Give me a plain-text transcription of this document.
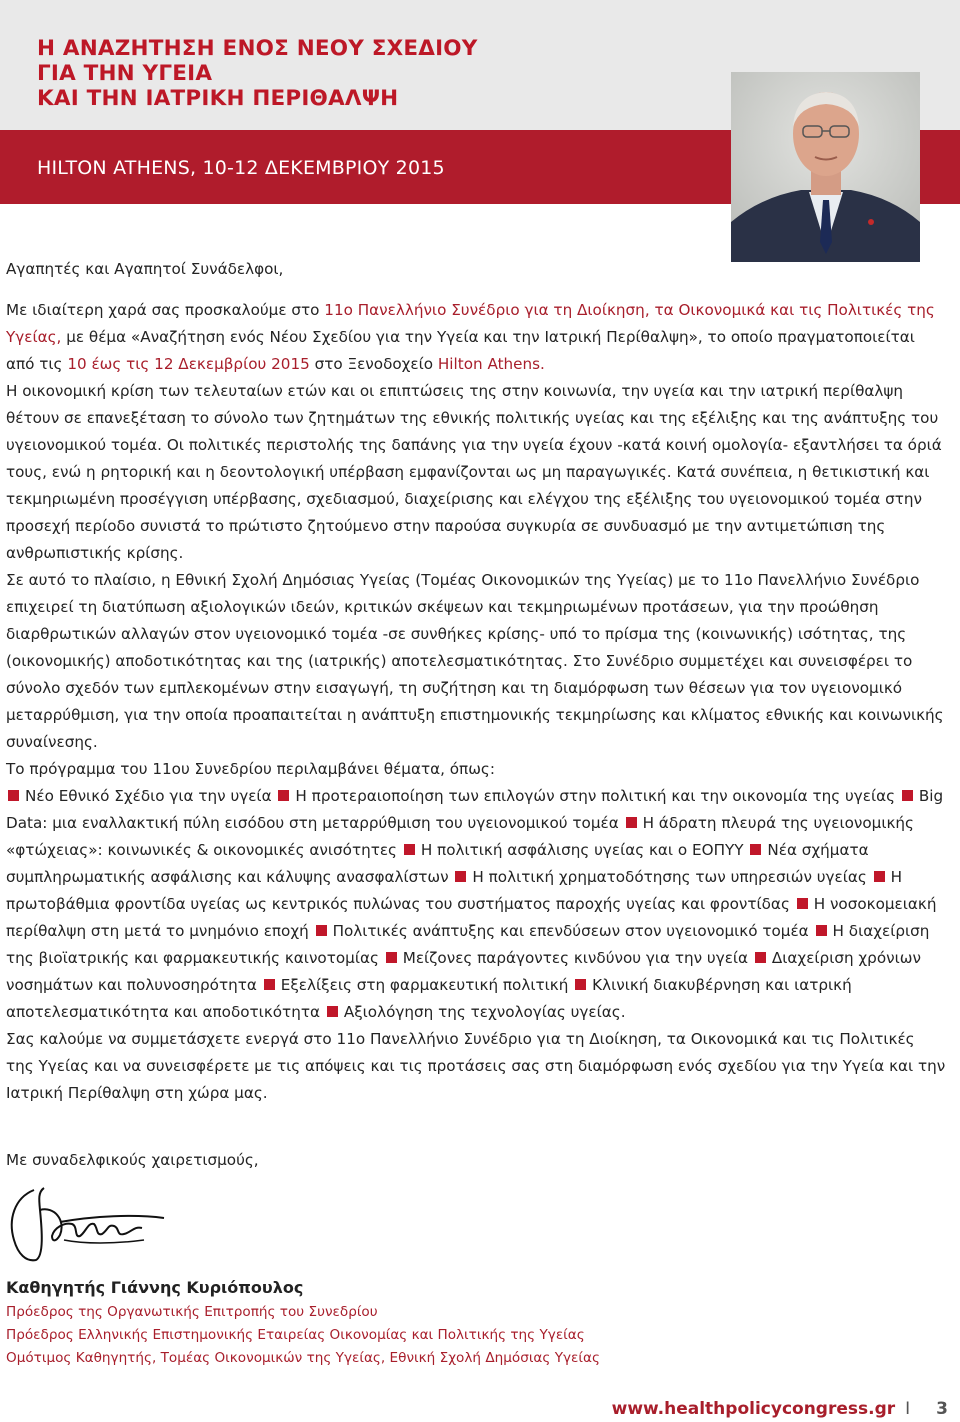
Η ΑΝΑΖΗΤΗΣΗ ΕΝΟΣ ΝΕΟΥ ΣΧΕΔΙΟΥ
ΓΙΑ ΤΗΝ ΥΓΕΙΑ
ΚΑΙ ΤΗΝ ΙΑΤΡΙΚΗ ΠΕΡΙΘΑΛΨΗ
HILTON ATHENS, 10-12 ΔΕΚΕΜΒΡΙΟΥ 2015

Αγαπητές και Αγαπητοί Συνάδελφοι,

Με ιδιαίτερη χαρά σας προσκαλούμε στο 11ο Πανελλήνιο Συνέδριο για τη Διοίκηση, τα Οικονομικά και τις Πολιτικές της Υγείας, με θέμα «Αναζήτηση ενός Νέου Σχεδίου για την Υγεία και την Ιατρική Περίθαλψη», το οποίο πραγματοποιείται από τις 10 έως τις 12 Δεκεμβρίου 2015 στο Ξενοδοχείο Hilton Athens.

Η οικονομική κρίση των τελευταίων ετών και οι επιπτώσεις της στην κοινωνία, την υγεία και την ιατρική περίθαλψη θέτουν σε επανεξέταση το σύνολο των ζητημάτων της εθνικής πολιτικής υγείας και της εξέλιξης και της ανάπτυξης του υγειονομικού τομέα. Οι πολιτικές περιστολής της δαπάνης για την υγεία έχουν -κατά κοινή ομολογία- εξαντλήσει τα όριά τους, ενώ η ρητορική και η δεοντολογική υπέρβαση εμφανίζονται ως μη παραγωγικές. Κατά συνέπεια, η θετικιστική και τεκμηριωμένη προσέγγιση υπέρβασης, σχεδιασμού, διαχείρισης και ελέγχου της εξέλιξης του υγειονομικού τομέα στην προσεχή περίοδο συνιστά το πρώτιστο ζητούμενο στην παρούσα συγκυρία σε συνδυασμό με την αντιμετώπιση της ανθρωπιστικής κρίσης.

Σε αυτό το πλαίσιο, η Εθνική Σχολή Δημόσιας Υγείας (Τομέας Οικονομικών της Υγείας) με το 11ο Πανελλήνιο Συνέδριο επιχειρεί τη διατύπωση αξιολογικών ιδεών, κριτικών σκέψεων και τεκμηριωμένων προτάσεων, για την προώθηση διαρθρωτικών αλλαγών στον υγειονομικό τομέα -σε συνθήκες κρίσης- υπό το πρίσμα της (κοινωνικής) ισότητας, της (οικονομικής) αποδοτικότητας και της (ιατρικής) αποτελεσματικότητας. Στο Συνέδριο συμμετέχει και συνεισφέρει το σύνολο σχεδόν των εμπλεκομένων στην εισαγωγή, τη συζήτηση και τη διαμόρφωση των θέσεων για τον υγειονομικό μεταρρύθμιση, για την οποία προαπαιτείται η ανάπτυξη επιστημονικής τεκμηρίωσης και κλίματος εθνικής και κοινωνικής συναίνεσης.

Το πρόγραμμα του 11ου Συνεδρίου περιλαμβάνει θέματα, όπως:

Νέο Εθνικό Σχέδιο για την υγεία Η προτεραιοποίηση των επιλογών στην πολιτική και την οικονομία της υγείας Big Data: μια εναλλακτική πύλη εισόδου στη μεταρρύθμιση του υγειονομικού τομέα Η άδρατη πλευρά της υγειονομικής «φτώχειας»: κοινωνικές & οικονομικές ανισότητες Η πολιτική ασφάλισης υγείας και ο ΕΟΠΥΥ Νέα σχήματα συμπληρωματικής ασφάλισης και κάλυψης ανασφαλίστων Η πολιτική χρηματοδότησης των υπηρεσιών υγείας Η πρωτοβάθμια φροντίδα υγείας ως κεντρικός πυλώνας του συστήματος παροχής υγείας και φροντίδας Η νοσοκομειακή περίθαλψη στη μετά το μνημόνιο εποχή Πολιτικές ανάπτυξης και επενδύσεων στον υγειονομικό τομέα Η διαχείριση της βιοϊατρικής και φαρμακευτικής καινοτομίας Μείζονες παράγοντες κινδύνου για την υγεία Διαχείριση χρόνιων νοσημάτων και πολυνοσηρότητα Εξελίξεις στη φαρμακευτική πολιτική Κλινική διακυβέρνηση και ιατρική αποτελεσματικότητα και αποδοτικότητα Αξιολόγηση της τεχνολογίας υγείας.

Σας καλούμε να συμμετάσχετε ενεργά στο 11ο Πανελλήνιο Συνέδριο για τη Διοίκηση, τα Οικονομικά και τις Πολιτικές της Υγείας και να συνεισφέρετε με τις απόψεις και τις προτάσεις σας στη διαμόρφωση ενός σχεδίου για την Υγεία και την Ιατρική Περίθαλψη στη χώρα μας.

Με συναδελφικούς χαιρετισμούς,
Καθηγητής Γιάννης Κυριόπουλος
Πρόεδρος της Οργανωτικής Επιτροπής του Συνεδρίου
Πρόεδρος Ελληνικής Επιστημονικής Εταιρείας Οικονομίας και Πολιτικής της Υγείας
Ομότιμος Καθηγητής, Τομέας Οικονομικών της Υγείας, Εθνική Σχολή Δημόσιας Υγείας
www.healthpolicycongress.gr I 3
